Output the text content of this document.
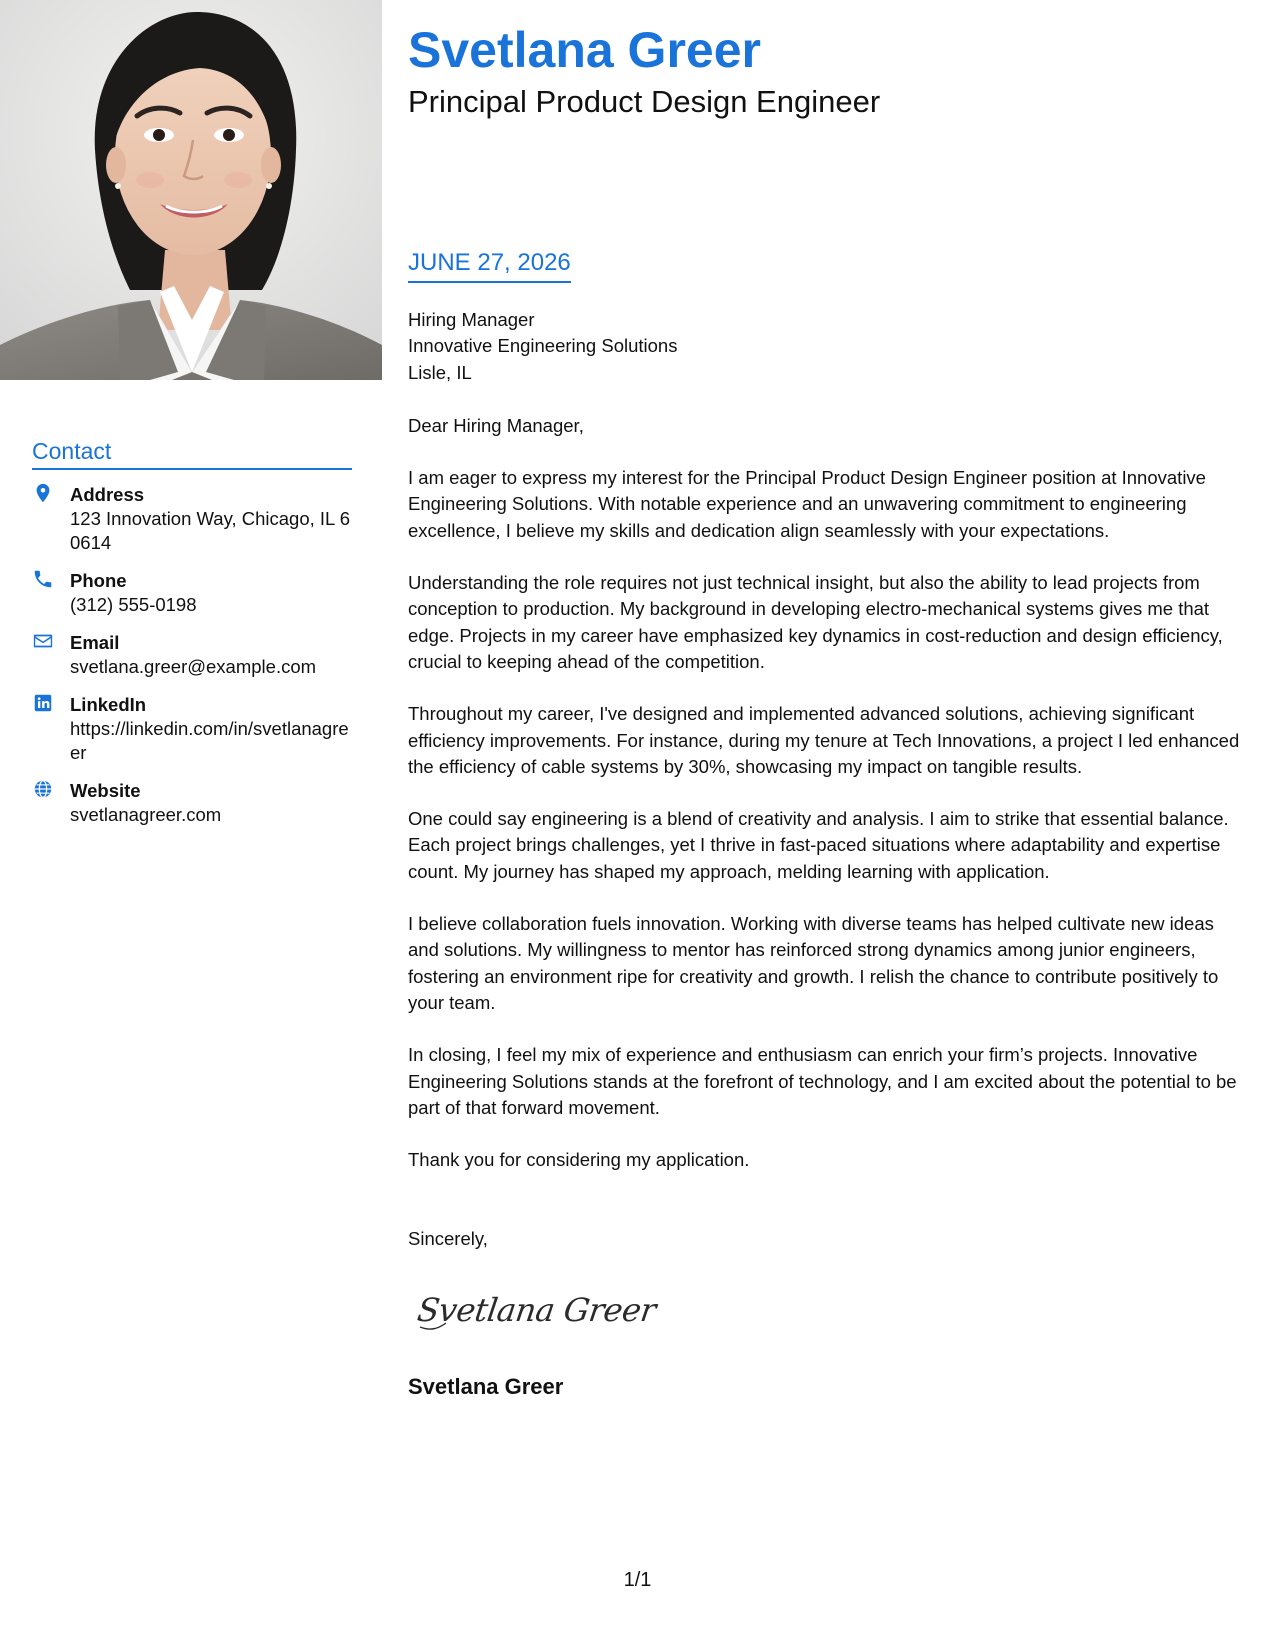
Contact
Address
123 Innovation Way, Chicago, IL 60614
Phone
(312) 555-0198
Email
svetlana.greer@example.com
LinkedIn
https://linkedin.com/in/svetlanagreer
Website
svetlanagreer.com
Svetlana Greer
Principal Product Design Engineer
JUNE 27, 2026
Hiring Manager
Innovative Engineering Solutions
Lisle, IL

Dear Hiring Manager,

I am eager to express my interest for the Principal Product Design Engineer position at Innovative Engineering Solutions. With notable experience and an unwavering commitment to engineering excellence, I believe my skills and dedication align seamlessly with your expectations.

Understanding the role requires not just technical insight, but also the ability to lead projects from conception to production. My background in developing electro-mechanical systems gives me that edge. Projects in my career have emphasized key dynamics in cost-reduction and design efficiency, crucial to keeping ahead of the competition.

Throughout my career, I've designed and implemented advanced solutions, achieving significant efficiency improvements. For instance, during my tenure at Tech Innovations, a project I led enhanced the efficiency of cable systems by 30%, showcasing my impact on tangible results.

One could say engineering is a blend of creativity and analysis. I aim to strike that essential balance. Each project brings challenges, yet I thrive in fast-paced situations where adaptability and expertise count. My journey has shaped my approach, melding learning with application.

I believe collaboration fuels innovation. Working with diverse teams has helped cultivate new ideas and solutions. My willingness to mentor has reinforced strong dynamics among junior engineers, fostering an environment ripe for creativity and growth. I relish the chance to contribute positively to your team.

In closing, I feel my mix of experience and enthusiasm can enrich your firm’s projects. Innovative Engineering Solutions stands at the forefront of technology, and I am excited about the potential to be part of that forward movement.

Thank you for considering my application.

Sincerely,

Svetlana Greer
Svetlana Greer
1/1
